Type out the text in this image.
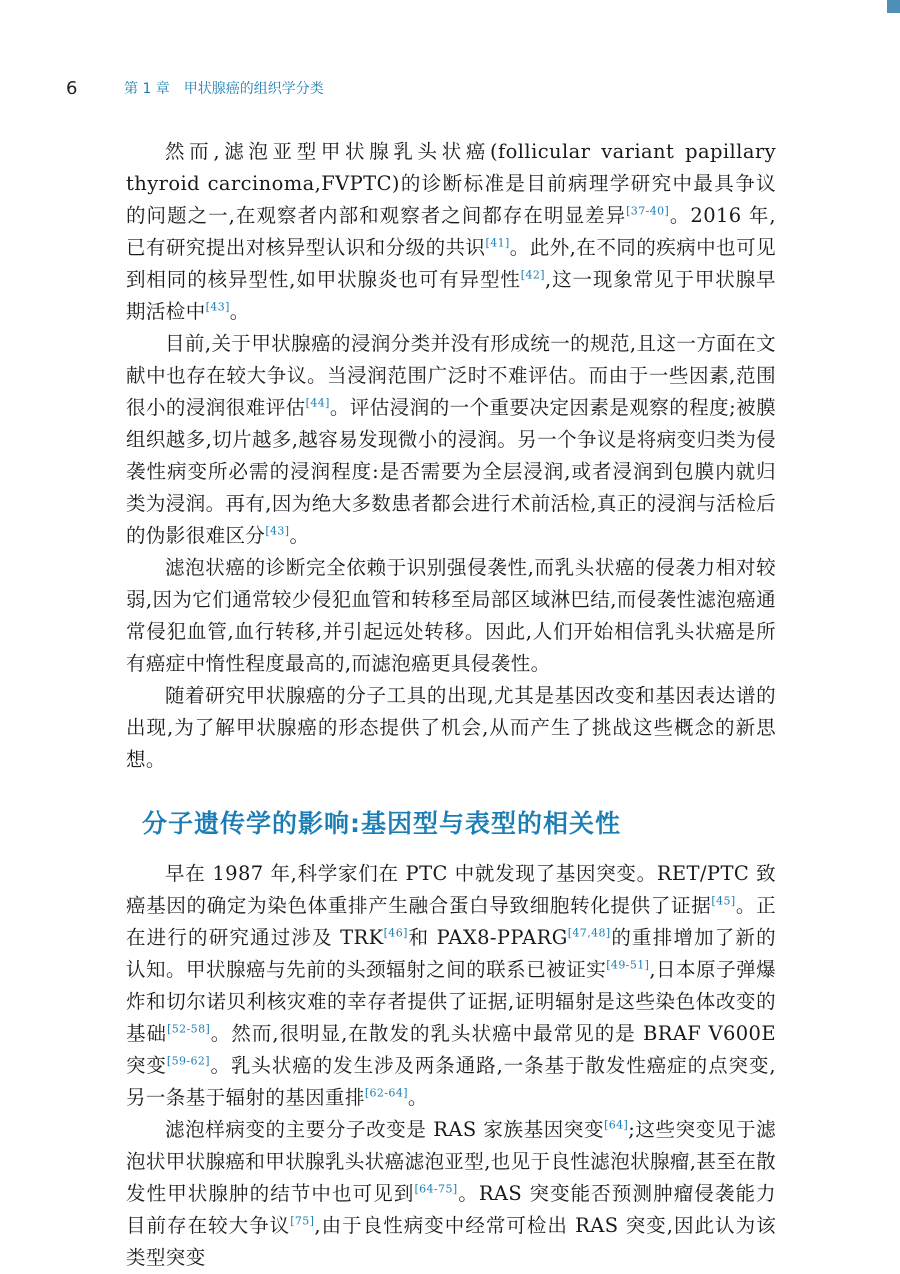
6	第 1 章　甲状腺癌的组织学分类

然而,滤泡亚型甲状腺乳头状癌(follicular variant papillary thyroid carcinoma,FVPTC)的诊断标准是目前病理学研究中最具争议的问题之一,在观察者内部和观察者之间都存在明显差异[37-40]。2016 年,已有研究提出对核异型认识和分级的共识[41]。此外,在不同的疾病中也可见到相同的核异型性,如甲状腺炎也可有异型性[42],这一现象常见于甲状腺早期活检中[43]。

目前,关于甲状腺癌的浸润分类并没有形成统一的规范,且这一方面在文献中也存在较大争议。当浸润范围广泛时不难评估。而由于一些因素,范围很小的浸润很难评估[44]。评估浸润的一个重要决定因素是观察的程度;被膜组织越多,切片越多,越容易发现微小的浸润。另一个争议是将病变归类为侵袭性病变所必需的浸润程度:是否需要为全层浸润,或者浸润到包膜内就归类为浸润。再有,因为绝大多数患者都会进行术前活检,真正的浸润与活检后的伪影很难区分[43]。

滤泡状癌的诊断完全依赖于识别强侵袭性,而乳头状癌的侵袭力相对较弱,因为它们通常较少侵犯血管和转移至局部区域淋巴结,而侵袭性滤泡癌通常侵犯血管,血行转移,并引起远处转移。因此,人们开始相信乳头状癌是所有癌症中惰性程度最高的,而滤泡癌更具侵袭性。

随着研究甲状腺癌的分子工具的出现,尤其是基因改变和基因表达谱的出现,为了解甲状腺癌的形态提供了机会,从而产生了挑战这些概念的新思想。

分子遗传学的影响:基因型与表型的相关性

早在 1987 年,科学家们在 PTC 中就发现了基因突变。RET/PTC 致癌基因的确定为染色体重排产生融合蛋白导致细胞转化提供了证据[45]。正在进行的研究通过涉及 TRK[46]和 PAX8-PPARG[47,48]的重排增加了新的认知。甲状腺癌与先前的头颈辐射之间的联系已被证实[49-51],日本原子弹爆炸和切尔诺贝利核灾难的幸存者提供了证据,证明辐射是这些染色体改变的基础[52-58]。然而,很明显,在散发的乳头状癌中最常见的是 BRAF V600E 突变[59-62]。乳头状癌的发生涉及两条通路,一条基于散发性癌症的点突变,另一条基于辐射的基因重排[62-64]。

滤泡样病变的主要分子改变是 RAS 家族基因突变[64];这些突变见于滤泡状甲状腺癌和甲状腺乳头状癌滤泡亚型,也见于良性滤泡状腺瘤,甚至在散发性甲状腺肿的结节中也可见到[64-75]。RAS 突变能否预测肿瘤侵袭能力目前存在较大争议[75],由于良性病变中经常可检出 RAS 突变,因此认为该类型突变
